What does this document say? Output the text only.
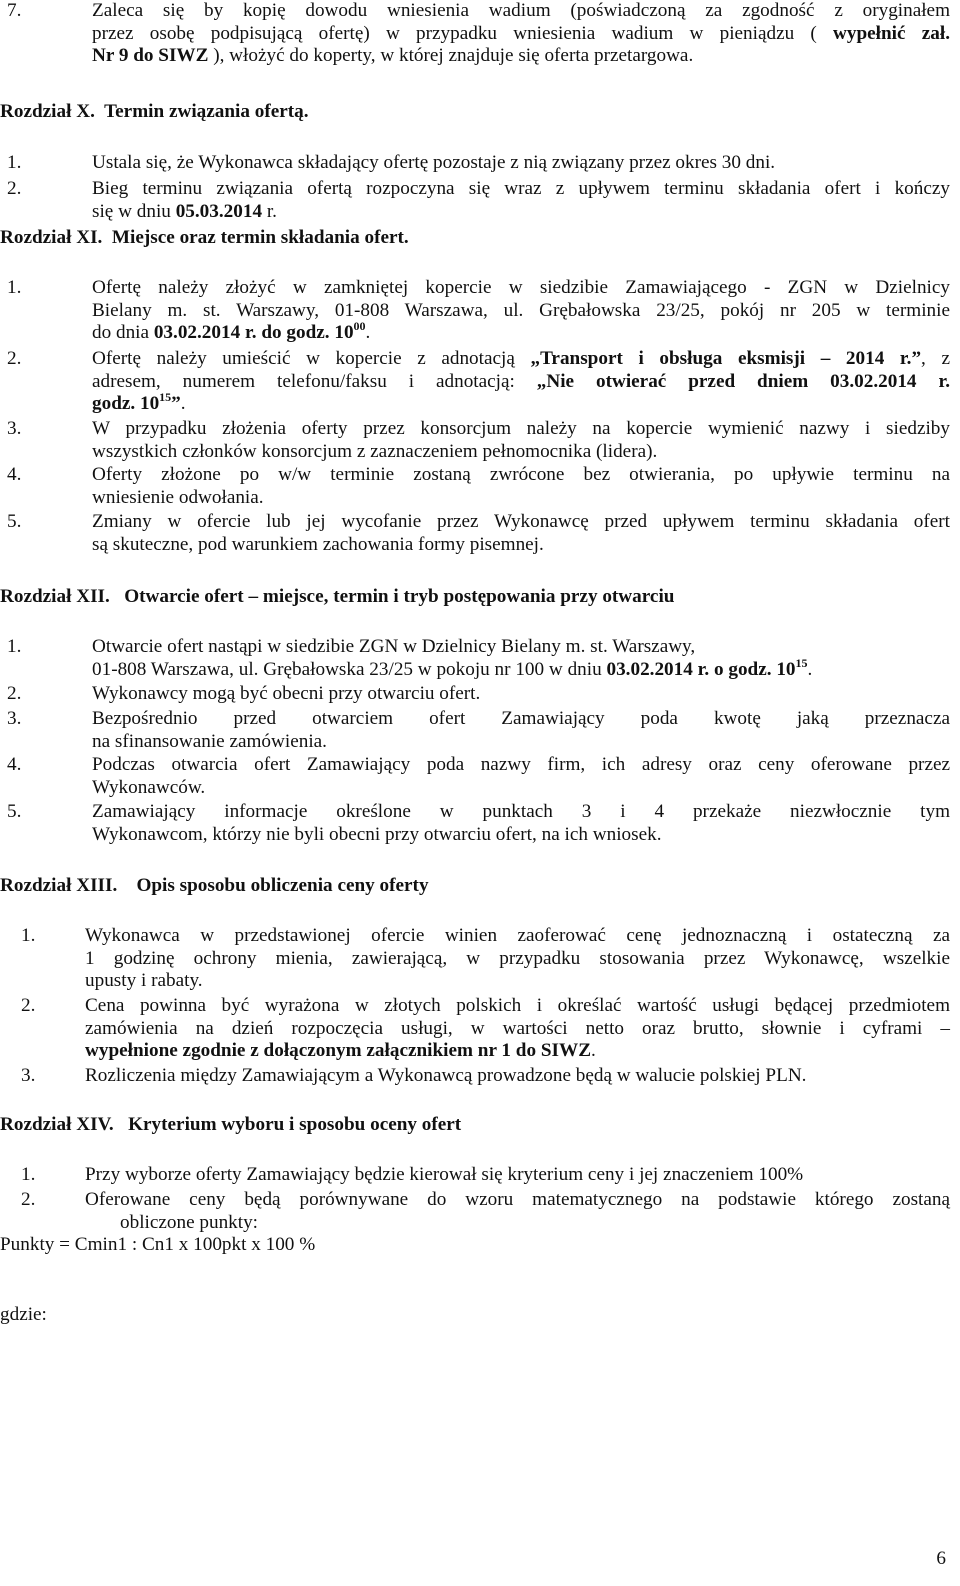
7.	Zaleca się by kopię dowodu wniesienia wadium (poświadczoną za zgodność z oryginałem
przez osobę podpisującą ofertę) w przypadku wniesienia wadium w pieniądzu ( wypełnić zał.
Nr 9 do SIWZ ), włożyć do koperty, w której znajduje się oferta przetargowa.
Rozdział X. Termin związania ofertą.
1.	Ustala się, że Wykonawca składający ofertę pozostaje z nią związany przez okres 30 dni.
2.	Bieg terminu związania ofertą rozpoczyna się wraz z upływem terminu składania ofert i kończy
się w dniu 05.03.2014 r.
Rozdział XI. Miejsce oraz termin składania ofert.
1.	Ofertę należy złożyć w zamkniętej kopercie w siedzibie Zamawiającego - ZGN w Dzielnicy
Bielany m. st. Warszawy, 01-808 Warszawa, ul. Grębałowska 23/25, pokój nr 205 w terminie
do dnia 03.02.2014 r. do godz. $10^{00}$.
2.	Ofertę należy umieścić w kopercie z adnotacją „Transport i obsługa eksmisji – 2014 r.”, z
adresem, numerem telefonu/faksu i adnotacją: „Nie otwierać przed dniem 03.02.2014 r.
godz. $10^{15}$”.
3.	W przypadku złożenia oferty przez konsorcjum należy na kopercie wymienić nazwy i siedziby
wszystkich członków konsorcjum z zaznaczeniem pełnomocnika (lidera).
4.	Oferty złożone po w/w terminie zostaną zwrócone bez otwierania, po upływie terminu na
wniesienie odwołania.
5.	Zmiany w ofercie lub jej wycofanie przez Wykonawcę przed upływem terminu składania ofert
są skuteczne, pod warunkiem zachowania formy pisemnej.
Rozdział XII. Otwarcie ofert – miejsce, termin i tryb postępowania przy otwarciu
1.	Otwarcie ofert nastąpi w siedzibie ZGN w Dzielnicy Bielany m. st. Warszawy,
01-808 Warszawa, ul. Grębałowska 23/25 w pokoju nr 100 w dniu 03.02.2014 r. o godz. $10^{15}$.
2.	Wykonawcy mogą być obecni przy otwarciu ofert.
3.	Bezpośrednio przed otwarciem ofert Zamawiający poda kwotę jaką przeznacza
na sfinansowanie zamówienia.
4.	Podczas otwarcia ofert Zamawiający poda nazwy firm, ich adresy oraz ceny oferowane przez
Wykonawców.
5.	Zamawiający informacje określone w punktach 3 i 4 przekaże niezwłocznie tym
Wykonawcom, którzy nie byli obecni przy otwarciu ofert, na ich wniosek.
Rozdział XIII. Opis sposobu obliczenia ceny oferty
1.	Wykonawca w przedstawionej ofercie winien zaoferować cenę jednoznaczną i ostateczną za
1 godzinę ochrony mienia, zawierającą, w przypadku stosowania przez Wykonawcę, wszelkie
upusty i rabaty.
2.	Cena powinna być wyrażona w złotych polskich i określać wartość usługi będącej przedmiotem
zamówienia na dzień rozpoczęcia usługi, w wartości netto oraz brutto, słownie i cyframi –
wypełnione zgodnie z dołączonym załącznikiem nr 1 do SIWZ.
3.	Rozliczenia między Zamawiającym a Wykonawcą prowadzone będą w walucie polskiej PLN.
Rozdział XIV. Kryterium wyboru i sposobu oceny ofert
1.	Przy wyborze oferty Zamawiający będzie kierował się kryterium ceny i jej znaczeniem 100%
2.	Oferowane ceny będą porównywane do wzoru matematycznego na podstawie którego zostaną
obliczone punkty:
Punkty = Cmin1 : Cn1 x 100pkt x 100 %
gdzie:
6
